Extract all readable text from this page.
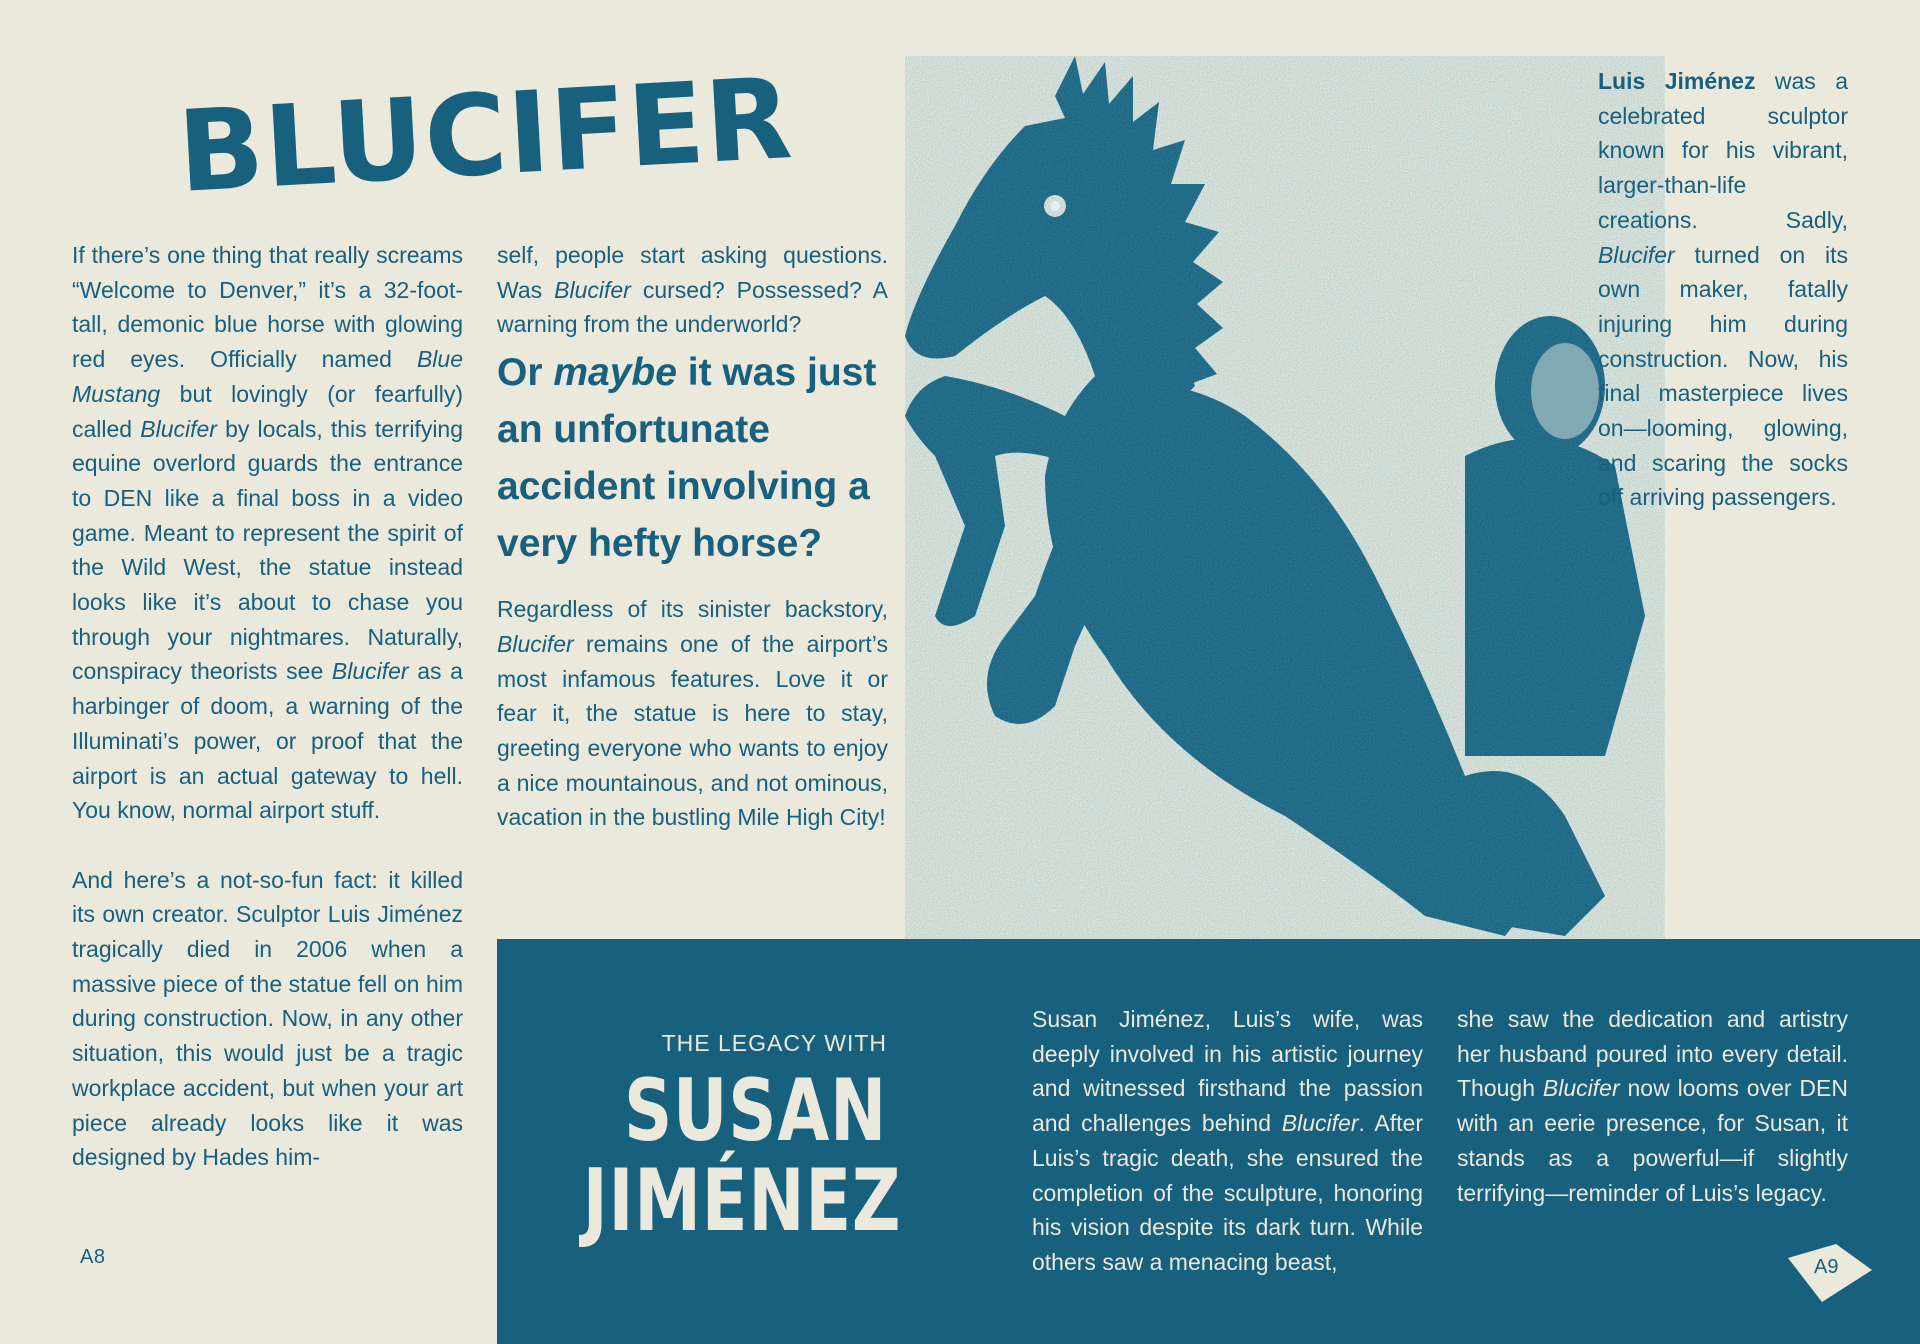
BLUCIFER

If there’s one thing that really screams “Welcome to Denver,” it’s a 32-foot-tall, demonic blue horse with glowing red eyes. Officially named Blue Mustang but lovingly (or fearfully) called Blucifer by locals, this terrifying equine overlord guards the entrance to DEN like a final boss in a video game. Meant to represent the spirit of the Wild West, the statue instead looks like it’s about to chase you through your nightmares. Naturally, conspiracy theorists see Blucifer as a harbinger of doom, a warning of the Illuminati’s power, or proof that the airport is an actual gateway to hell. You know, normal airport stuff.

And here’s a not-so-fun fact: it killed its own creator. Sculptor Luis Jiménez tragically died in 2006 when a massive piece of the statue fell on him during construction. Now, in any other situation, this would just be a tragic workplace accident, but when your art piece already looks like it was designed by Hades him-

self, people start asking questions. Was Blucifer cursed? Possessed? A warning from the underworld?

Or maybe it was just an unfortunate accident involving a very hefty horse?

Regardless of its sinister backstory, Blucifer remains one of the airport’s most infamous features. Love it or fear it, the statue is here to stay, greeting everyone who wants to enjoy a nice mountainous, and not ominous, vacation in the bustling Mile High City!

Luis Jiménez was a celebrated sculptor known for his vibrant, larger-than-life creations. Sadly, Blucifer turned on its own maker, fatally injuring him during construction. Now, his final masterpiece lives on—looming, glowing, and scaring the socks off arriving passengers.
A8
THE LEGACY WITH
SUSAN
JIMÉNEZ
Susan Jiménez, Luis’s wife, was deeply involved in his artistic journey and witnessed firsthand the passion and challenges behind Blucifer. After Luis’s tragic death, she ensured the completion of the sculpture, honoring his vision despite its dark turn. While others saw a menacing beast,
she saw the dedication and artistry her husband poured into every detail. Though Blucifer now looms over DEN with an eerie presence, for Susan, it stands as a powerful—if slightly terrifying—reminder of Luis’s legacy.
A9
